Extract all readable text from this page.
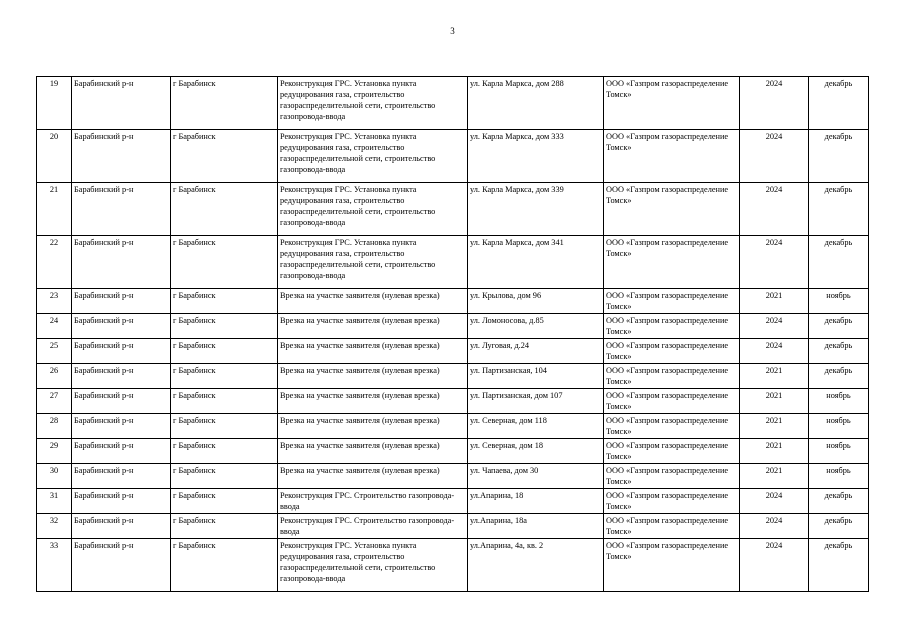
3
19	Барабинский р-н	г Барабинск	Реконструкция ГРС. Установка пункта редуцирования газа, строительство газораспределительной сети, строительство газопровода-ввода	ул. Карла Маркса, дом 288	ООО «Газпром газораспределение Томск»	2024	декабрь
20	Барабинский р-н	г Барабинск	Реконструкция ГРС. Установка пункта редуцирования газа, строительство газораспределительной сети, строительство газопровода-ввода	ул. Карла Маркса, дом 333	ООО «Газпром газораспределение Томск»	2024	декабрь
21	Барабинский р-н	г Барабинск	Реконструкция ГРС. Установка пункта редуцирования газа, строительство газораспределительной сети, строительство газопровода-ввода	ул. Карла Маркса, дом 339	ООО «Газпром газораспределение Томск»	2024	декабрь
22	Барабинский р-н	г Барабинск	Реконструкция ГРС. Установка пункта редуцирования газа, строительство газораспределительной сети, строительство газопровода-ввода	ул. Карла Маркса, дом 341	ООО «Газпром газораспределение Томск»	2024	декабрь
23	Барабинский р-н	г Барабинск	Врезка на участке заявителя (нулевая врезка)	ул. Крылова, дом 96	ООО «Газпром газораспределение Томск»	2021	ноябрь
24	Барабинский р-н	г Барабинск	Врезка на участке заявителя (нулевая врезка)	ул. Ломоносова, д.85	ООО «Газпром газораспределение Томск»	2024	декабрь
25	Барабинский р-н	г Барабинск	Врезка на участке заявителя (нулевая врезка)	ул. Луговая, д.24	ООО «Газпром газораспределение Томск»	2024	декабрь
26	Барабинский р-н	г Барабинск	Врезка на участке заявителя (нулевая врезка)	ул. Партизанская, 104	ООО «Газпром газораспределение Томск»	2021	декабрь
27	Барабинский р-н	г Барабинск	Врезка на участке заявителя (нулевая врезка)	ул. Партизанская, дом 107	ООО «Газпром газораспределение Томск»	2021	ноябрь
28	Барабинский р-н	г Барабинск	Врезка на участке заявителя (нулевая врезка)	ул. Северная, дом 118	ООО «Газпром газораспределение Томск»	2021	ноябрь
29	Барабинский р-н	г Барабинск	Врезка на участке заявителя (нулевая врезка)	ул. Северная, дом 18	ООО «Газпром газораспределение Томск»	2021	ноябрь
30	Барабинский р-н	г Барабинск	Врезка на участке заявителя (нулевая врезка)	ул. Чапаева, дом 30	ООО «Газпром газораспределение Томск»	2021	ноябрь
31	Барабинский р-н	г Барабинск	Реконструкция ГРС. Строительство газопровода-ввода	ул.Апарина, 18	ООО «Газпром газораспределение Томск»	2024	декабрь
32	Барабинский р-н	г Барабинск	Реконструкция ГРС. Строительство газопровода-ввода	ул.Апарина, 18а	ООО «Газпром газораспределение Томск»	2024	декабрь
33	Барабинский р-н	г Барабинск	Реконструкция ГРС. Установка пункта редуцирования газа, строительство газораспределительной сети, строительство газопровода-ввода	ул.Апарина, 4а, кв. 2	ООО «Газпром газораспределение Томск»	2024	декабрь
